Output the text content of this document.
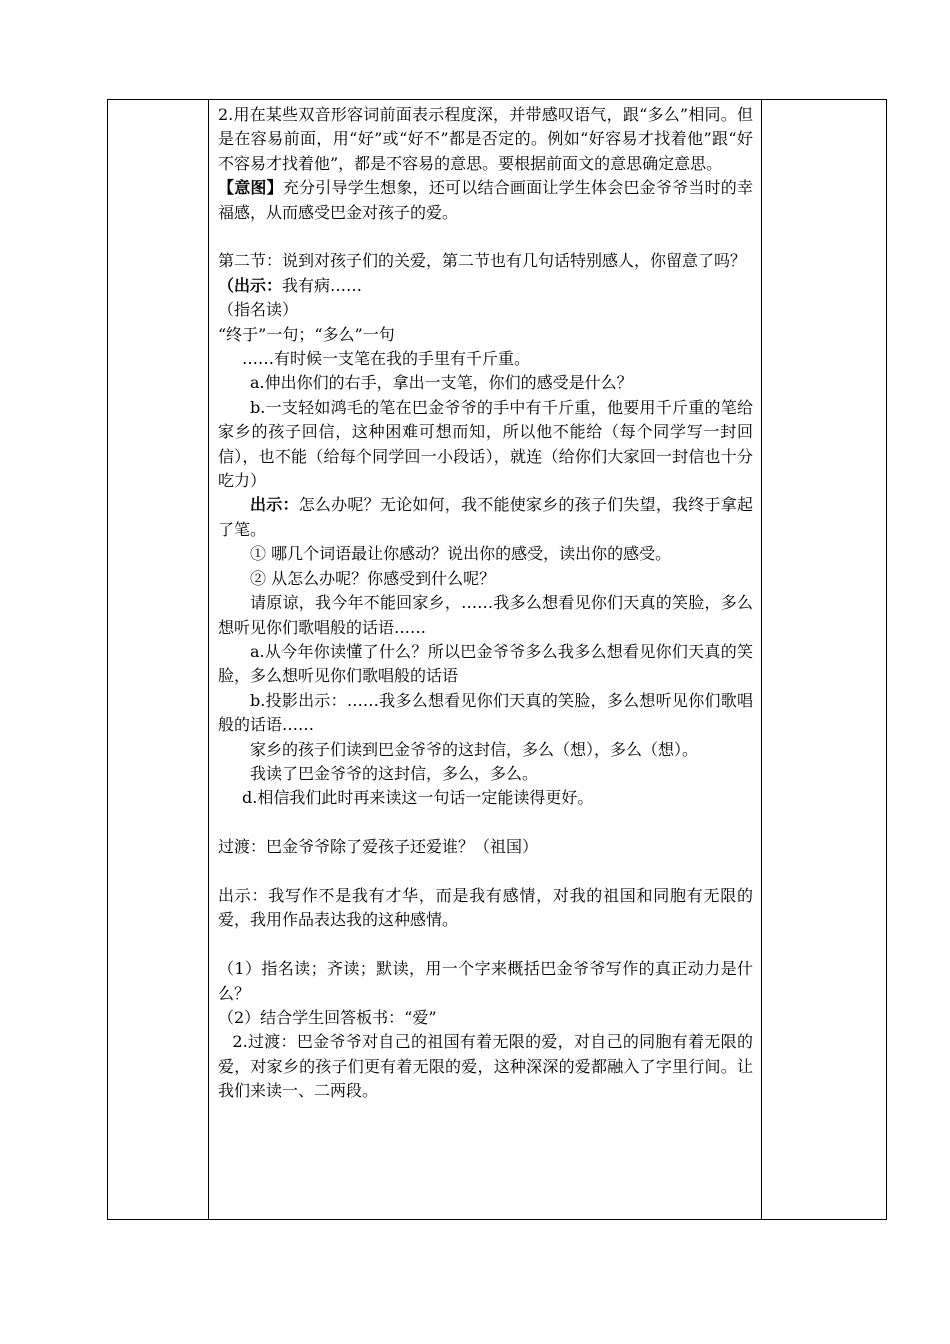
2.用在某些双音形容词前面表示程度深，并带感叹语气，跟“多么”相同。但是在容易前面，用“好”或“好不”都是否定的。例如“好容易才找着他”跟“好不容易才找着他”，都是不容易的意思。要根据前面文的意思确定意思。

【意图】充分引导学生想象，还可以结合画面让学生体会巴金爷爷当时的幸福感，从而感受巴金对孩子的爱。

第二节：说到对孩子们的关爱，第二节也有几句话特别感人，你留意了吗？

（出示：我有病……

（指名读）

“终于”一句；“多么”一句

……有时候一支笔在我的手里有千斤重。

a.伸出你们的右手，拿出一支笔，你们的感受是什么？

b.一支轻如鸿毛的笔在巴金爷爷的手中有千斤重，他要用千斤重的笔给家乡的孩子回信，这种困难可想而知，所以他不能给（每个同学写一封回信），也不能（给每个同学回一小段话），就连（给你们大家回一封信也十分吃力）

出示：怎么办呢？无论如何，我不能使家乡的孩子们失望，我终于拿起了笔。

① 哪几个词语最让你感动？说出你的感受，读出你的感受。

② 从怎么办呢？你感受到什么呢？

请原谅，我今年不能回家乡，……我多么想看见你们天真的笑脸，多么想听见你们歌唱般的话语……

a.从今年你读懂了什么？所以巴金爷爷多么我多么想看见你们天真的笑脸，多么想听见你们歌唱般的话语

b.投影出示：……我多么想看见你们天真的笑脸，多么想听见你们歌唱般的话语……

家乡的孩子们读到巴金爷爷的这封信，多么（想），多么（想）。

我读了巴金爷爷的这封信，多么，多么。

d.相信我们此时再来读这一句话一定能读得更好。

过渡：巴金爷爷除了爱孩子还爱谁？（祖国）

出示：我写作不是我有才华，而是我有感情，对我的祖国和同胞有无限的爱，我用作品表达我的这种感情。

（1）指名读；齐读；默读，用一个字来概括巴金爷爷写作的真正动力是什么？

（2）结合学生回答板书：“爱”

2.过渡：巴金爷爷对自己的祖国有着无限的爱，对自己的同胞有着无限的爱，对家乡的孩子们更有着无限的爱，这种深深的爱都融入了字里行间。让我们来读一、二两段。
